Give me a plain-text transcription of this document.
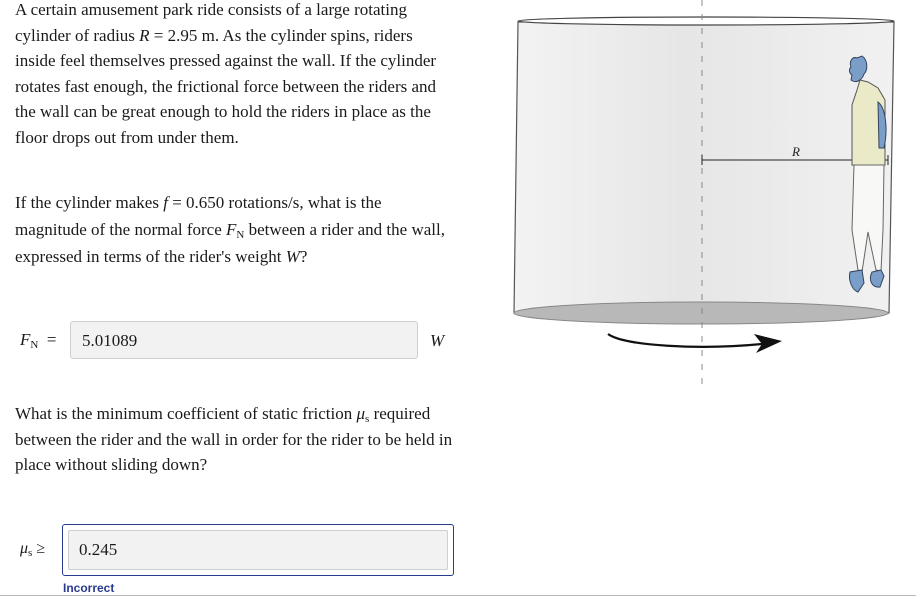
A certain amusement park ride consists of a large rotating cylinder of radius R = 2.95 m. As the cylinder spins, riders inside feel themselves pressed against the wall. If the cylinder rotates fast enough, the frictional force between the riders and the wall can be great enough to hold the riders in place as the floor drops out from under them.

If the cylinder makes f = 0.650 rotations/s, what is the magnitude of the normal force $F_N$ between a rider and the wall, expressed in terms of the rider's weight W?

$F_N$ =	5.01089	W

What is the minimum coefficient of static friction $\mu_s$ required between the rider and the wall in order for the rider to be held in place without sliding down?

$\mu_s$ ≥	0.245
Incorrect
R
